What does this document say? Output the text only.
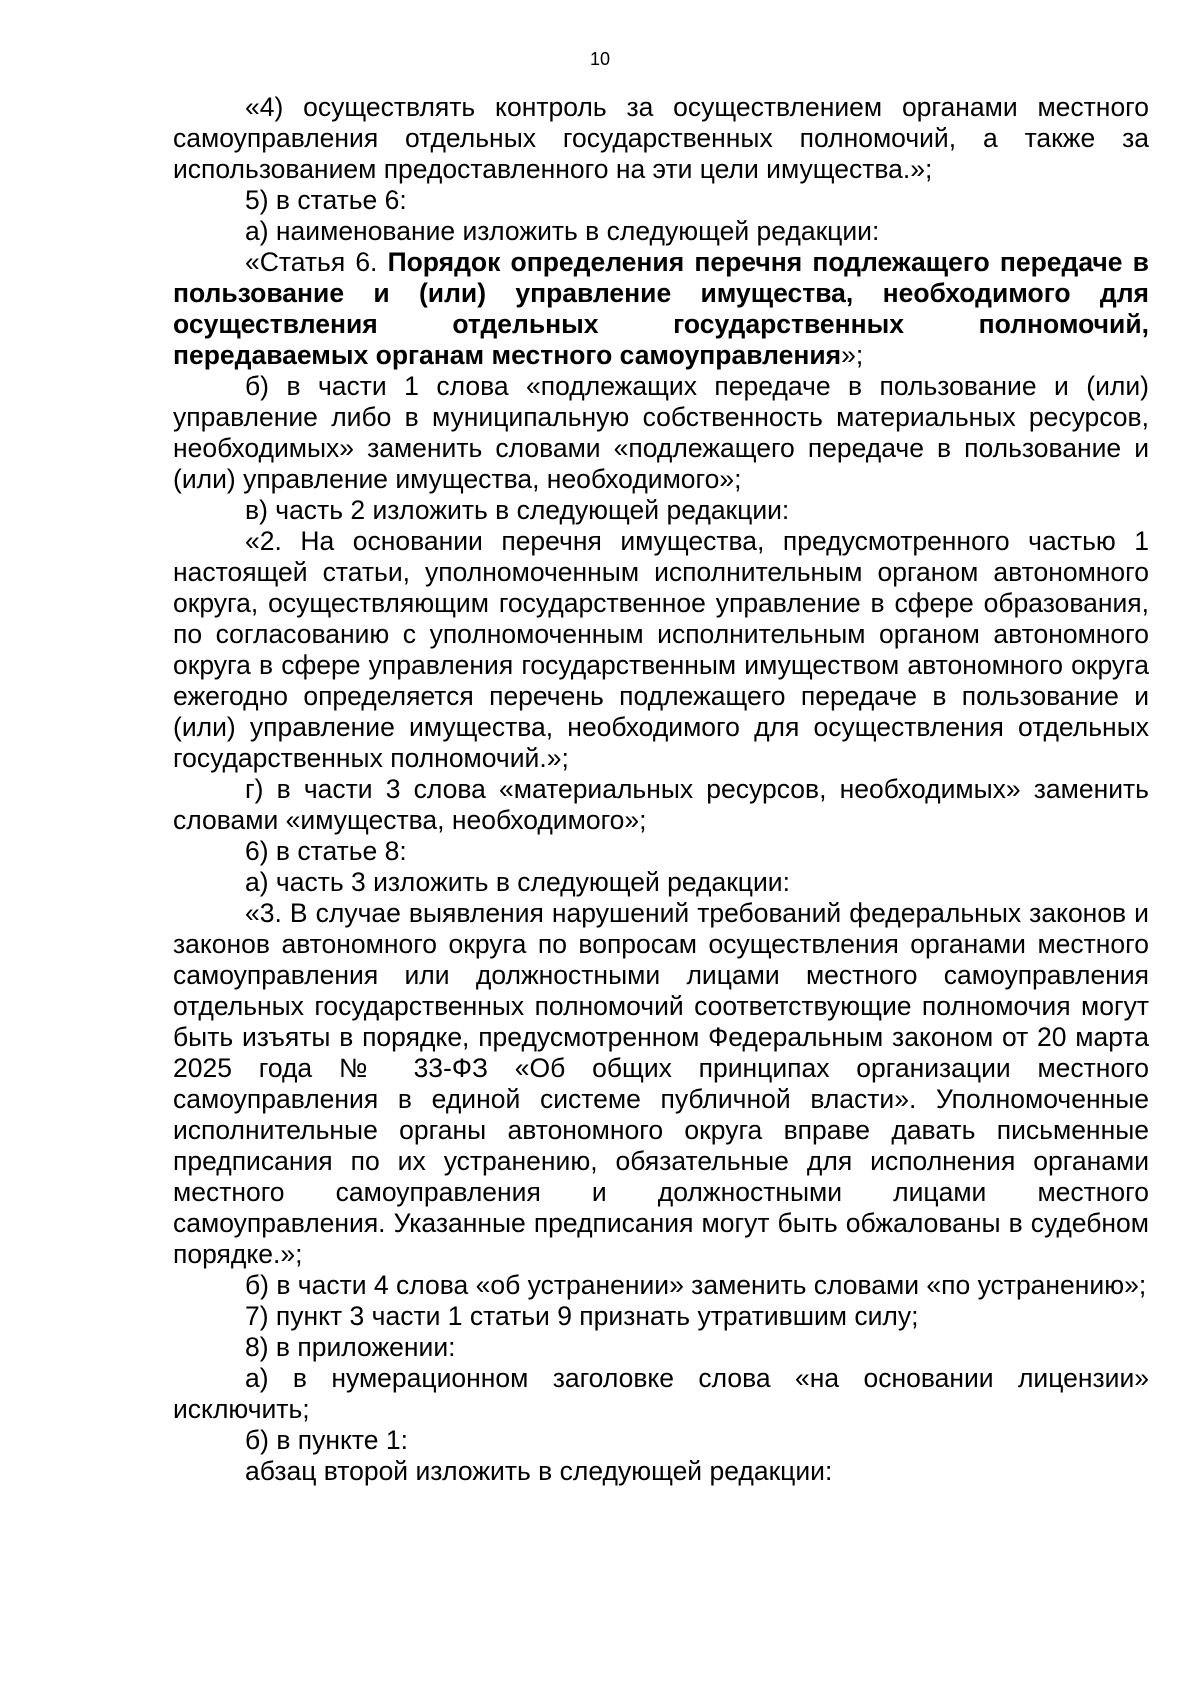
10

«4) осуществлять контроль за осуществлением органами местного самоуправления отдельных государственных полномочий, а также за использованием предоставленного на эти цели имущества.»;

5) в статье 6:

а) наименование изложить в следующей редакции:

«Статья 6. Порядок определения перечня подлежащего передаче в пользование и (или) управление имущества, необходимого для осуществления отдельных государственных полномочий, передаваемых органам местного самоуправления»;

б) в части 1 слова «подлежащих передаче в пользование и (или) управление либо в муниципальную собственность материальных ресурсов, необходимых» заменить словами «подлежащего передаче в пользование и (или) управление имущества, необходимого»;

в) часть 2 изложить в следующей редакции:

«2. На основании перечня имущества, предусмотренного частью 1 настоящей статьи, уполномоченным исполнительным органом автономного округа, осуществляющим государственное управление в сфере образования, по согласованию с уполномоченным исполнительным органом автономного округа в сфере управления государственным имуществом автономного округа ежегодно определяется перечень подлежащего передаче в пользование и (или) управление имущества, необходимого для осуществления отдельных государственных полномочий.»;

г) в части 3 слова «материальных ресурсов, необходимых» заменить словами «имущества, необходимого»;

6) в статье 8:

а) часть 3 изложить в следующей редакции:

«3. В случае выявления нарушений требований федеральных законов и законов автономного округа по вопросам осуществления органами местного самоуправления или должностными лицами местного самоуправления отдельных государственных полномочий соответствующие полномочия могут быть изъяты в порядке, предусмотренном Федеральным законом от 20 марта 2025 года № 33-ФЗ «Об общих принципах организации местного самоуправления в единой системе публичной власти». Уполномоченные исполнительные органы автономного округа вправе давать письменные предписания по их устранению, обязательные для исполнения органами местного самоуправления и должностными лицами местного самоуправления. Указанные предписания могут быть обжалованы в судебном порядке.»;

б) в части 4 слова «об устранении» заменить словами «по устранению»;

7) пункт 3 части 1 статьи 9 признать утратившим силу;

8) в приложении:

а) в нумерационном заголовке слова «на основании лицензии» исключить;

б) в пункте 1:

абзац второй изложить в следующей редакции:
